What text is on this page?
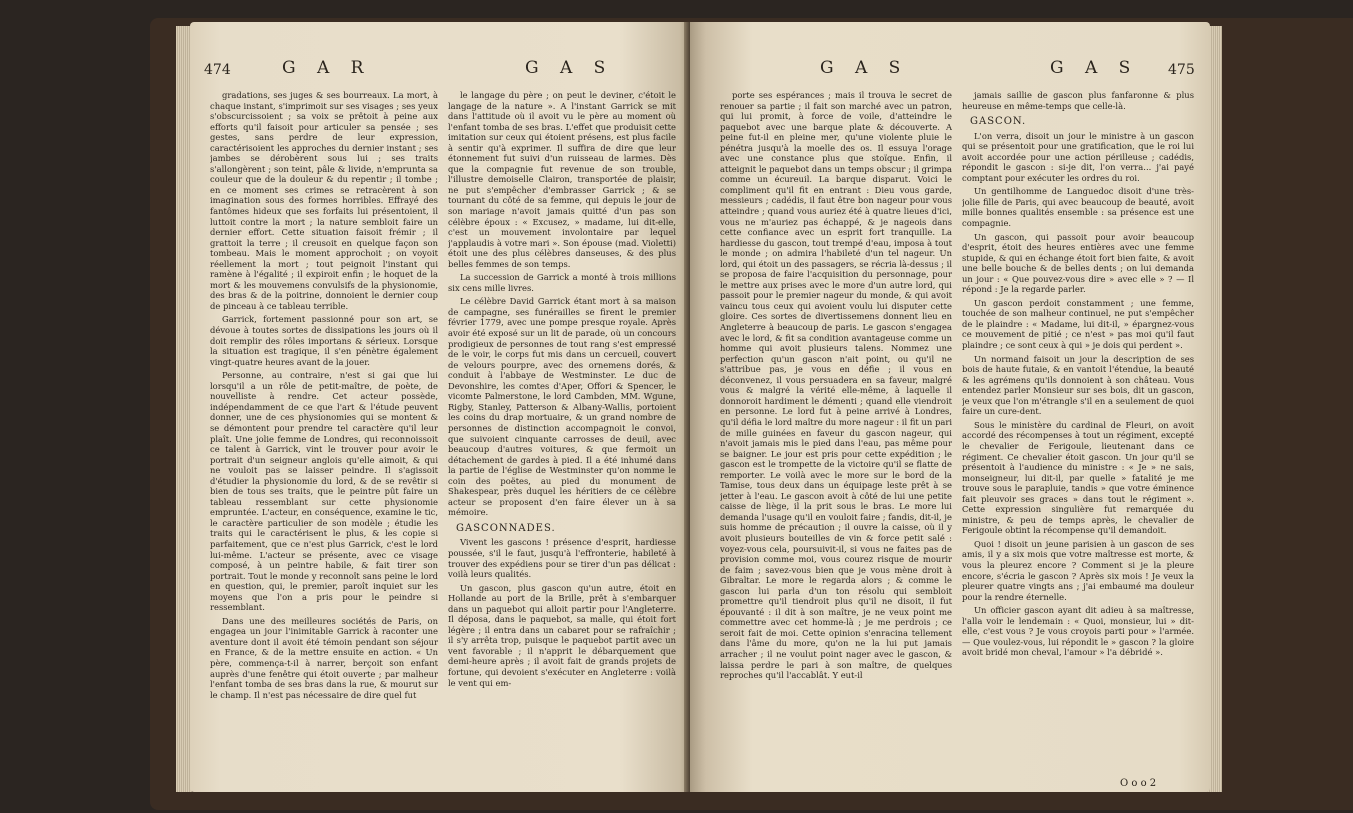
474	G A R	G A S

gradations, ses juges & ses bourreaux. La mort, à chaque instant, s'imprimoit sur ses visages ; ses yeux s'obscurcissoient ; sa voix se prêtoit à peine aux efforts qu'il faisoit pour articuler sa pensée ; ses gestes, sans perdre de leur expression, caractérisoient les approches du dernier instant ; ses jambes se dérobèrent sous lui ; ses traits s'allongèrent ; son teint, pâle & livide, n'emprunta sa couleur que de la douleur & du repentir ; il tombe ; en ce moment ses crimes se retracèrent à son imagination sous des formes horribles. Effrayé des fantômes hideux que ses forfaits lui présentoient, il luttoit contre la mort ; la nature sembloit faire un dernier effort. Cette situation faisoit frémir ; il grattoit la terre ; il creusoit en quelque façon son tombeau. Mais le moment approchoit ; on voyoit réellement la mort ; tout peignoit l'instant qui ramène à l'égalité ; il expiroit enfin ; le hoquet de la mort & les mouvemens convulsifs de la physionomie, des bras & de la poitrine, donnoient le dernier coup de pinceau à ce tableau terrible.

Garrick, fortement passionné pour son art, se dévoue à toutes sortes de dissipations les jours où il doit remplir des rôles importans & sérieux. Lorsque la situation est tragique, il s'en pénètre également vingt-quatre heures avant de la jouer.

Personne, au contraire, n'est si gai que lui lorsqu'il a un rôle de petit-maître, de poète, de nouvelliste à rendre. Cet acteur possède, indépendamment de ce que l'art & l'étude peuvent donner, une de ces physionomies qui se montent & se démontent pour prendre tel caractère qu'il leur plaît. Une jolie femme de Londres, qui reconnoissoit ce talent à Garrick, vint le trouver pour avoir le portrait d'un seigneur anglois qu'elle aimoit, & qui ne vouloit pas se laisser peindre. Il s'agissoit d'étudier la physionomie du lord, & de se revêtir si bien de tous ses traits, que le peintre pût faire un tableau ressemblant sur cette physionomie empruntée. L'acteur, en conséquence, examine le tic, le caractère particulier de son modèle ; étudie les traits qui le caractérisent le plus, & les copie si parfaitement, que ce n'est plus Garrick, c'est le lord lui-même. L'acteur se présente, avec ce visage composé, à un peintre habile, & fait tirer son portrait. Tout le monde y reconnoît sans peine le lord en question, qui, le premier, paroît inquiet sur les moyens que l'on a pris pour le peindre si ressemblant.

Dans une des meilleures sociétés de Paris, on engagea un jour l'inimitable Garrick à raconter une aventure dont il avoit été témoin pendant son séjour en France, & de la mettre ensuite en action. « Un père, commença-t-il à narrer, berçoit son enfant auprès d'une fenêtre qui étoit ouverte ; par malheur l'enfant tomba de ses bras dans la rue, & mourut sur le champ. Il n'est pas nécessaire de dire quel fut

le langage du père ; on peut le deviner, c'étoit le langage de la nature ». A l'instant Garrick se mit dans l'attitude où il avoit vu le père au moment où l'enfant tomba de ses bras. L'effet que produisit cette imitation sur ceux qui étoient présens, est plus facile à sentir qu'à exprimer. Il suffira de dire que leur étonnement fut suivi d'un ruisseau de larmes. Dès que la compagnie fut revenue de son trouble, l'illustre demoiselle Clairon, transportée de plaisir, ne put s'empêcher d'embrasser Garrick ; & se tournant du côté de sa femme, qui depuis le jour de son mariage n'avoit jamais quitté d'un pas son célèbre époux : « Excusez, » madame, lui dit-elle, c'est un mouvement involontaire par lequel j'applaudis à votre mari ». Son épouse (mad. Violetti) étoit une des plus célèbres danseuses, & des plus belles femmes de son temps.

La succession de Garrick a monté à trois millions six cens mille livres.

Le célèbre David Garrick étant mort à sa maison de campagne, ses funérailles se firent le premier février 1779, avec une pompe presque royale. Après avoir été exposé sur un lit de parade, où un concours prodigieux de personnes de tout rang s'est empressé de le voir, le corps fut mis dans un cercueil, couvert de velours pourpre, avec des ornemens dorés, & conduit à l'abbaye de Westminster. Le duc de Devonshire, les comtes d'Aper, Offori & Spencer, le vicomte Palmerstone, le lord Cambden, MM. Wgune, Rigby, Stanley, Patterson & Albany-Wallis, portoient les coins du drap mortuaire, & un grand nombre de personnes de distinction accompagnoit le convoi, que suivoient cinquante carrosses de deuil, avec beaucoup d'autres voitures, & que fermoit un détachement de gardes à pied. Il a été inhumé dans la partie de l'église de Westminster qu'on nomme le coin des poëtes, au pied du monument de Shakespear, près duquel les héritiers de ce célèbre acteur se proposent d'en faire élever un à sa mémoire.

GASCONNADES.

Vivent les gascons ! présence d'esprit, hardiesse poussée, s'il le faut, jusqu'à l'effronterie, habileté à trouver des expédiens pour se tirer d'un pas délicat : voilà leurs qualités.

Un gascon, plus gascon qu'un autre, étoit en Hollande au port de la Brille, prêt à s'embarquer dans un paquebot qui alloit partir pour l'Angleterre. Il déposa, dans le paquebot, sa malle, qui étoit fort légère ; il entra dans un cabaret pour se rafraîchir ; il s'y arrêta trop, puisque le paquebot partit avec un vent favorable ; il n'apprit le débarquement que demi-heure après ; il avoit fait de grands projets de fortune, qui devoient s'exécuter en Angleterre : voilà le vent qui em-

G A S	G A S 475

porte ses espérances ; mais il trouva le secret de renouer sa partie ; il fait son marché avec un patron, qui lui promit, à force de voile, d'atteindre le paquebot avec une barque plate & découverte. A peine fut-il en pleine mer, qu'une violente pluie le pénétra jusqu'à la moelle des os. Il essuya l'orage avec une constance plus que stoïque. Enfin, il atteignit le paquebot dans un temps obscur ; il grimpa comme un écureuil. La barque disparut. Voici le compliment qu'il fit en entrant : Dieu vous garde, messieurs ; cadédis, il faut être bon nageur pour vous atteindre ; quand vous auriez été à quatre lieues d'ici, vous ne m'auriez pas échappé, & je nageois dans cette confiance avec un esprit fort tranquille. La hardiesse du gascon, tout trempé d'eau, imposa à tout le monde ; on admira l'habileté d'un tel nageur. Un lord, qui étoit un des passagers, se récria là-dessus ; il se proposa de faire l'acquisition du personnage, pour le mettre aux prises avec le more d'un autre lord, qui passoit pour le premier nageur du monde, & qui avoit vaincu tous ceux qui avoient voulu lui disputer cette gloire. Ces sortes de divertissemens donnent lieu en Angleterre à beaucoup de paris. Le gascon s'engagea avec le lord, & fit sa condition avantageuse comme un homme qui avoit plusieurs talens. Nommez une perfection qu'un gascon n'ait point, ou qu'il ne s'attribue pas, je vous en défie ; il vous en déconvenez, il vous persuadera en sa faveur, malgré vous & malgré la vérité elle-même, à laquelle il donnoroit hardiment le démenti ; quand elle viendroit en personne. Le lord fut à peine arrivé à Londres, qu'il défia le lord maître du more nageur : il fit un pari de mille guinées en faveur du gascon nageur, qui n'avoit jamais mis le pied dans l'eau, pas même pour se baigner. Le jour est pris pour cette expédition ; le gascon est le trompette de la victoire qu'il se flatte de remporter. Le voilà avec le more sur le bord de la Tamise, tous deux dans un équipage leste prêt à se jetter à l'eau. Le gascon avoit à côté de lui une petite caisse de liège, il la prit sous le bras. Le more lui demanda l'usage qu'il en vouloit faire ; fandis, dit-il, je suis homme de précaution ; il ouvre la caisse, où il y avoit plusieurs bouteilles de vin & force petit salé : voyez-vous cela, poursuivit-il, si vous ne faites pas de provision comme moi, vous courez risque de mourir de faim ; savez-vous bien que je vous mène droit à Gibraltar. Le more le regarda alors ; & comme le gascon lui parla d'un ton résolu qui sembloit promettre qu'il tiendroit plus qu'il ne disoit, il fut épouvanté : il dit à son maître, je ne veux point me commettre avec cet homme-là ; je me perdrois ; ce seroit fait de moi. Cette opinion s'enracina tellement dans l'âme du more, qu'on ne la lui put jamais arracher ; il ne voulut point nager avec le gascon, & laissa perdre le pari à son maître, de quelques reproches qu'il l'accablât. Y eut-il

jamais saillie de gascon plus fanfaronne & plus heureuse en même-temps que celle-là.

GASCON.

L'on verra, disoit un jour le ministre à un gascon qui se présentoit pour une gratification, que le roi lui avoit accordée pour une action périlleuse ; cadédis, répondit le gascon : si-je dit, l'on verra... j'ai payé comptant pour exécuter les ordres du roi.

Un gentilhomme de Languedoc disoit d'une très-jolie fille de Paris, qui avec beaucoup de beauté, avoit mille bonnes qualités ensemble : sa présence est une compagnie.

Un gascon, qui passoit pour avoir beaucoup d'esprit, étoit des heures entières avec une femme stupide, & qui en échange étoit fort bien faite, & avoit une belle bouche & de belles dents ; on lui demanda un jour : « Que pouvez-vous dire » avec elle » ? — Il répond : Je la regarde parler.

Un gascon perdoit constamment ; une femme, touchée de son malheur continuel, ne put s'empêcher de le plaindre : « Madame, lui dit-il, » épargnez-vous ce mouvement de pitié ; ce n'est » pas moi qu'il faut plaindre ; ce sont ceux à qui » je dois qui perdent ».

Un normand faisoit un jour la description de ses bois de haute futaie, & en vantoit l'étendue, la beauté & les agrémens qu'ils donnoient à son château. Vous entendez parler Monsieur sur ses bois, dit un gascon, je veux que l'on m'étrangle s'il en a seulement de quoi faire un cure-dent.

Sous le ministère du cardinal de Fleuri, on avoit accordé des récompenses à tout un régiment, excepté le chevalier de Ferigoule, lieutenant dans ce régiment. Ce chevalier étoit gascon. Un jour qu'il se présentoit à l'audience du ministre : « Je » ne sais, monseigneur, lui dit-il, par quelle » fatalité je me trouve sous le parapluie, tandis » que votre éminence fait pleuvoir ses graces » dans tout le régiment ». Cette expression singulière fut remarquée du ministre, & peu de temps après, le chevalier de Ferigoule obtint la récompense qu'il demandoit.

Quoi ! disoit un jeune parisien à un gascon de ses amis, il y a six mois que votre maîtresse est morte, & vous la pleurez encore ? Comment si je la pleure encore, s'écria le gascon ? Après six mois ! Je veux la pleurer quatre vingts ans ; j'ai embaumé ma douleur pour la rendre éternelle.

Un officier gascon ayant dit adieu à sa maîtresse, l'alla voir le lendemain : « Quoi, monsieur, lui » dit-elle, c'est vous ? Je vous croyois parti pour » l'armée. — Que voulez-vous, lui répondit le » gascon ? la gloire avoit bridé mon cheval, l'amour » l'a débridé ».

O o o 2
